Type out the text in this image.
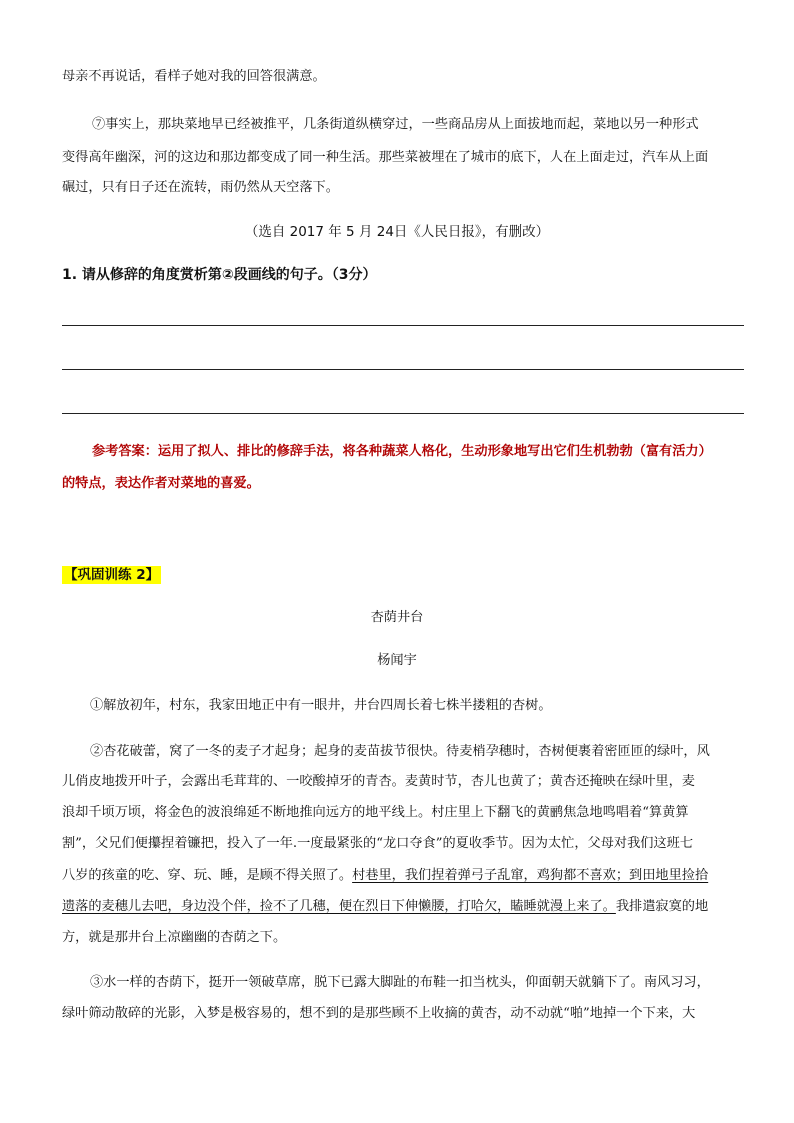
母亲不再说话，看样子她对我的回答很满意。
⑦事实上，那块菜地早已经被推平，几条街道纵横穿过，一些商品房从上面拔地而起，菜地以另一种形式
变得高年幽深，河的这边和那边都变成了同一种生活。那些菜被埋在了城市的底下，人在上面走过，汽车从上面
碾过，只有日子还在流转，雨仍然从天空落下。
（选自 2017 年 5 月 24日《人民日报》，有删改）
1. 请从修辞的角度赏析第②段画线的句子。（3分）
参考答案：运用了拟人、排比的修辞手法，将各种蔬菜人格化，生动形象地写出它们生机勃勃（富有活力）
的特点，表达作者对菜地的喜爱。
【巩固训练 2】
杏荫井台
杨闻宇
①解放初年，村东，我家田地正中有一眼井，井台四周长着七株半搂粗的杏树。
②杏花破蕾，窝了一冬的麦子才起身；起身的麦苗拔节很快。待麦梢孕穗时，杏树便裹着密匝匝的绿叶，风
儿俏皮地拨开叶子，会露出毛茸茸的、一咬酸掉牙的青杏。麦黄时节，杏儿也黄了；黄杏还掩映在绿叶里，麦
浪却千顷万顷，将金色的波浪绵延不断地推向远方的地平线上。村庄里上下翻飞的黄鹂焦急地鸣唱着“算黄算
割”，父兄们便攥捏着镰把，投入了一年.一度最紧张的“龙口夺食”的夏收季节。因为太忙，父母对我们这班七
八岁的孩童的吃、穿、玩、睡，是顾不得关照了。村巷里，我们捏着弹弓子乱窜，鸡狗都不喜欢；到田地里捡拾
遗落的麦穗儿去吧，身边没个伴，捡不了几穗，便在烈日下伸懒腰，打哈欠，瞌睡就漫上来了。我排遣寂寞的地
方，就是那井台上凉幽幽的杏荫之下。
③水一样的杏荫下，挺开一领破草席，脱下已露大脚趾的布鞋一扣当枕头，仰面朝天就躺下了。南风习习，
绿叶筛动散碎的光影，入梦是极容易的，想不到的是那些顾不上收摘的黄杏，动不动就“啪”地掉一个下来，大
